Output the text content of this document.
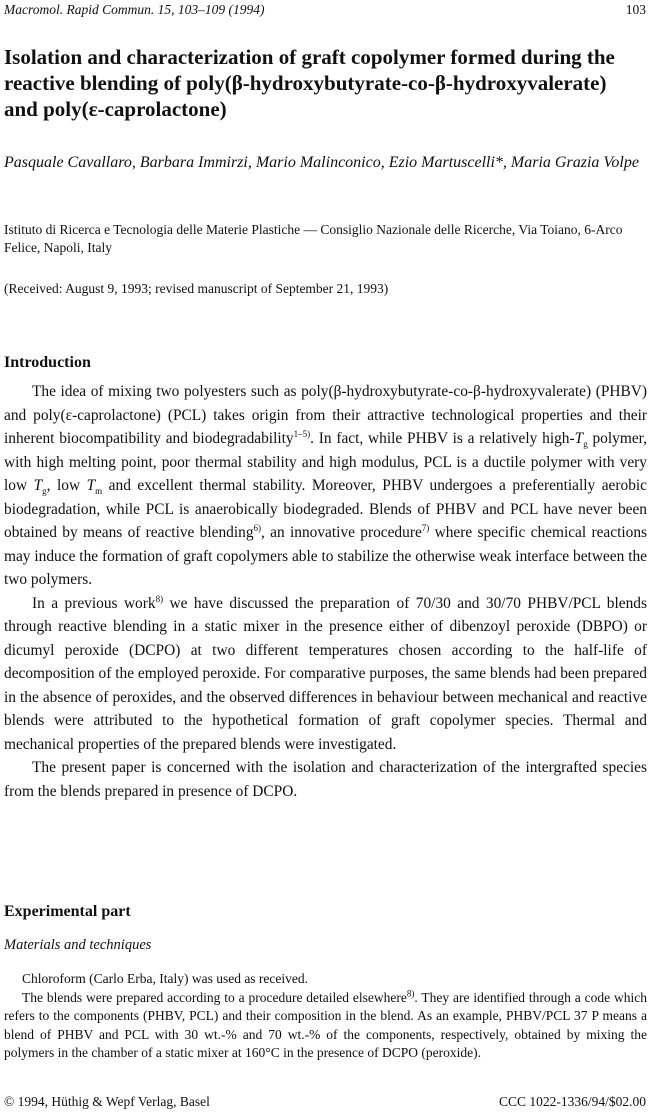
Macromol. Rapid Commun. 15, 103–109 (1994)	103
Isolation and characterization of graft copolymer formed during the reactive blending of poly(β-hydroxybutyrate-co-β-hydroxyvalerate) and poly(ε-caprolactone)
Pasquale Cavallaro, Barbara Immirzi, Mario Malinconico, Ezio Martuscelli*, Maria Grazia Volpe
Istituto di Ricerca e Tecnologia delle Materie Plastiche — Consiglio Nazionale delle Ricerche, Via Toiano, 6-Arco Felice, Napoli, Italy
(Received: August 9, 1993; revised manuscript of September 21, 1993)
Introduction

The idea of mixing two polyesters such as poly(β-hydroxybutyrate-co-β-hydroxyvalerate) (PHBV) and poly(ε-caprolactone) (PCL) takes origin from their attractive technological properties and their inherent biocompatibility and biodegradability$^{1-5)}$. In fact, while PHBV is a relatively high-$T_g$ polymer, with high melting point, poor thermal stability and high modulus, PCL is a ductile polymer with very low $T_g$, low $T_m$ and excellent thermal stability. Moreover, PHBV undergoes a preferentially aerobic biodegradation, while PCL is anaerobically biodegraded. Blends of PHBV and PCL have never been obtained by means of reactive blending$^{6)}$, an innovative procedure$^{7)}$ where specific chemical reactions may induce the formation of graft copolymers able to stabilize the otherwise weak interface between the two polymers.

In a previous work$^{8)}$ we have discussed the preparation of 70/30 and 30/70 PHBV/PCL blends through reactive blending in a static mixer in the presence either of dibenzoyl peroxide (DBPO) or dicumyl peroxide (DCPO) at two different temperatures chosen according to the half-life of decomposition of the employed peroxide. For comparative purposes, the same blends had been prepared in the absence of peroxides, and the observed differences in behaviour between mechanical and reactive blends were attributed to the hypothetical formation of graft copolymer species. Thermal and mechanical properties of the prepared blends were investigated.

The present paper is concerned with the isolation and characterization of the intergrafted species from the blends prepared in presence of DCPO.

Experimental part
Materials and techniques

Chloroform (Carlo Erba, Italy) was used as received.

The blends were prepared according to a procedure detailed elsewhere$^{8)}$. They are identified through a code which refers to the components (PHBV, PCL) and their composition in the blend. As an example, PHBV/PCL 37 P means a blend of PHBV and PCL with 30 wt.-% and 70 wt.-% of the components, respectively, obtained by mixing the polymers in the chamber of a static mixer at 160°C in the presence of DCPO (peroxide).

© 1994, Hüthig & Wepf Verlag, Basel	CCC 1022-1336/94/$02.00
